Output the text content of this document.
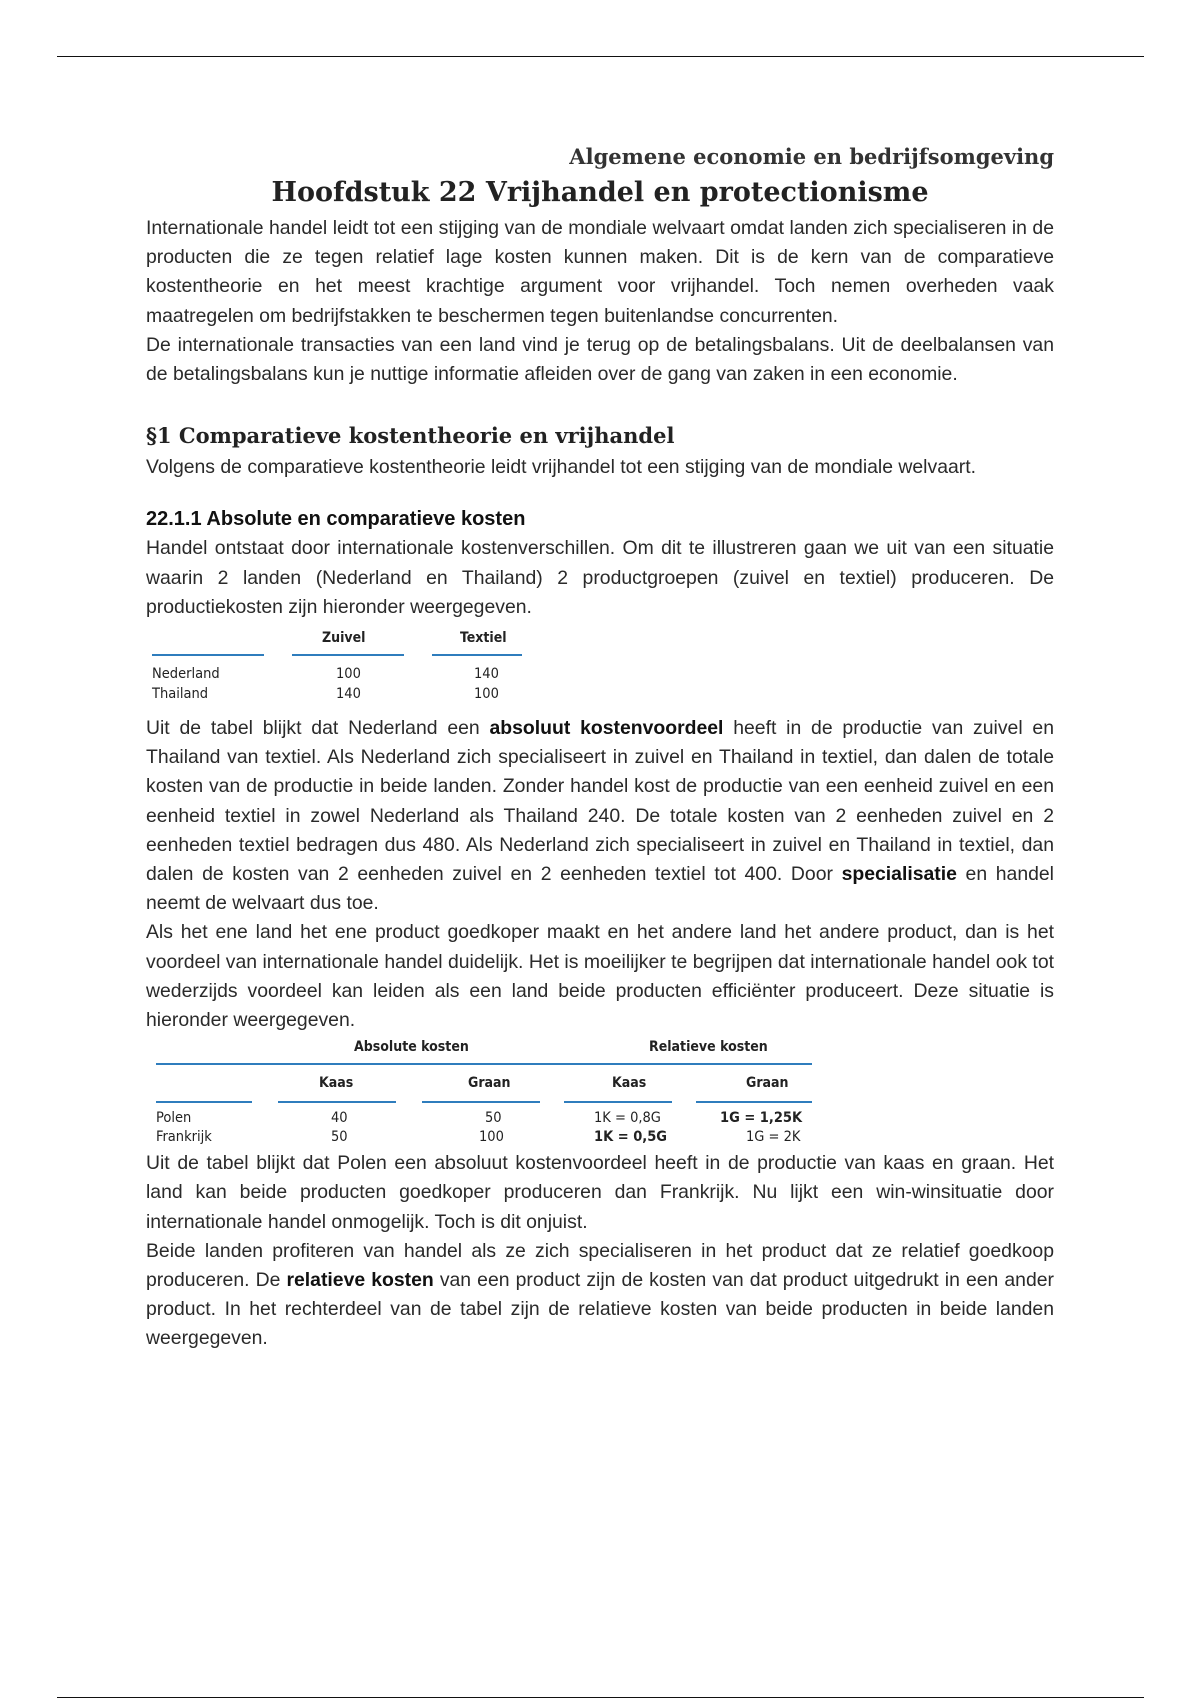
Algemene economie en bedrijfsomgeving
Hoofdstuk 22 Vrijhandel en protectionisme

Internationale handel leidt tot een stijging van de mondiale welvaart omdat landen zich specialiseren in de producten die ze tegen relatief lage kosten kunnen maken. Dit is de kern van de comparatieve kostentheorie en het meest krachtige argument voor vrijhandel. Toch nemen overheden vaak maatregelen om bedrijfstakken te beschermen tegen buitenlandse concurrenten.

De internationale transacties van een land vind je terug op de betalingsbalans. Uit de deelbalansen van de betalingsbalans kun je nuttige informatie afleiden over de gang van zaken in een economie.

§1 Comparatieve kostentheorie en vrijhandel

Volgens de comparatieve kostentheorie leidt vrijhandel tot een stijging van de mondiale welvaart.

22.1.1 Absolute en comparatieve kosten

Handel ontstaat door internationale kostenverschillen. Om dit te illustreren gaan we uit van een situatie waarin 2 landen (Nederland en Thailand) 2 productgroepen (zuivel en textiel) produceren. De productiekosten zijn hieronder weergegeven.

Zuivel	Textiel
Nederland	100	140
Thailand	140	100

Uit de tabel blijkt dat Nederland een absoluut kostenvoordeel heeft in de productie van zuivel en Thailand van textiel. Als Nederland zich specialiseert in zuivel en Thailand in textiel, dan dalen de totale kosten van de productie in beide landen. Zonder handel kost de productie van een eenheid zuivel en een eenheid textiel in zowel Nederland als Thailand 240. De totale kosten van 2 eenheden zuivel en 2 eenheden textiel bedragen dus 480. Als Nederland zich specialiseert in zuivel en Thailand in textiel, dan dalen de kosten van 2 eenheden zuivel en 2 eenheden textiel tot 400. Door specialisatie en handel neemt de welvaart dus toe.

Als het ene land het ene product goedkoper maakt en het andere land het andere product, dan is het voordeel van internationale handel duidelijk. Het is moeilijker te begrijpen dat internationale handel ook tot wederzijds voordeel kan leiden als een land beide producten efficiënter produceert. Deze situatie is hieronder weergegeven.

Absolute kosten	Relatieve kosten
Kaas	Graan	Kaas	Graan
Polen	40	50	1K = 0,8G	1G = 1,25K
Frankrijk	50	100	1K = 0,5G	1G = 2K

Uit de tabel blijkt dat Polen een absoluut kostenvoordeel heeft in de productie van kaas en graan. Het land kan beide producten goedkoper produceren dan Frankrijk. Nu lijkt een win-winsituatie door internationale handel onmogelijk. Toch is dit onjuist.

Beide landen profiteren van handel als ze zich specialiseren in het product dat ze relatief goedkoop produceren. De relatieve kosten van een product zijn de kosten van dat product uitgedrukt in een ander product. In het rechterdeel van de tabel zijn de relatieve kosten van beide producten in beide landen weergegeven.
